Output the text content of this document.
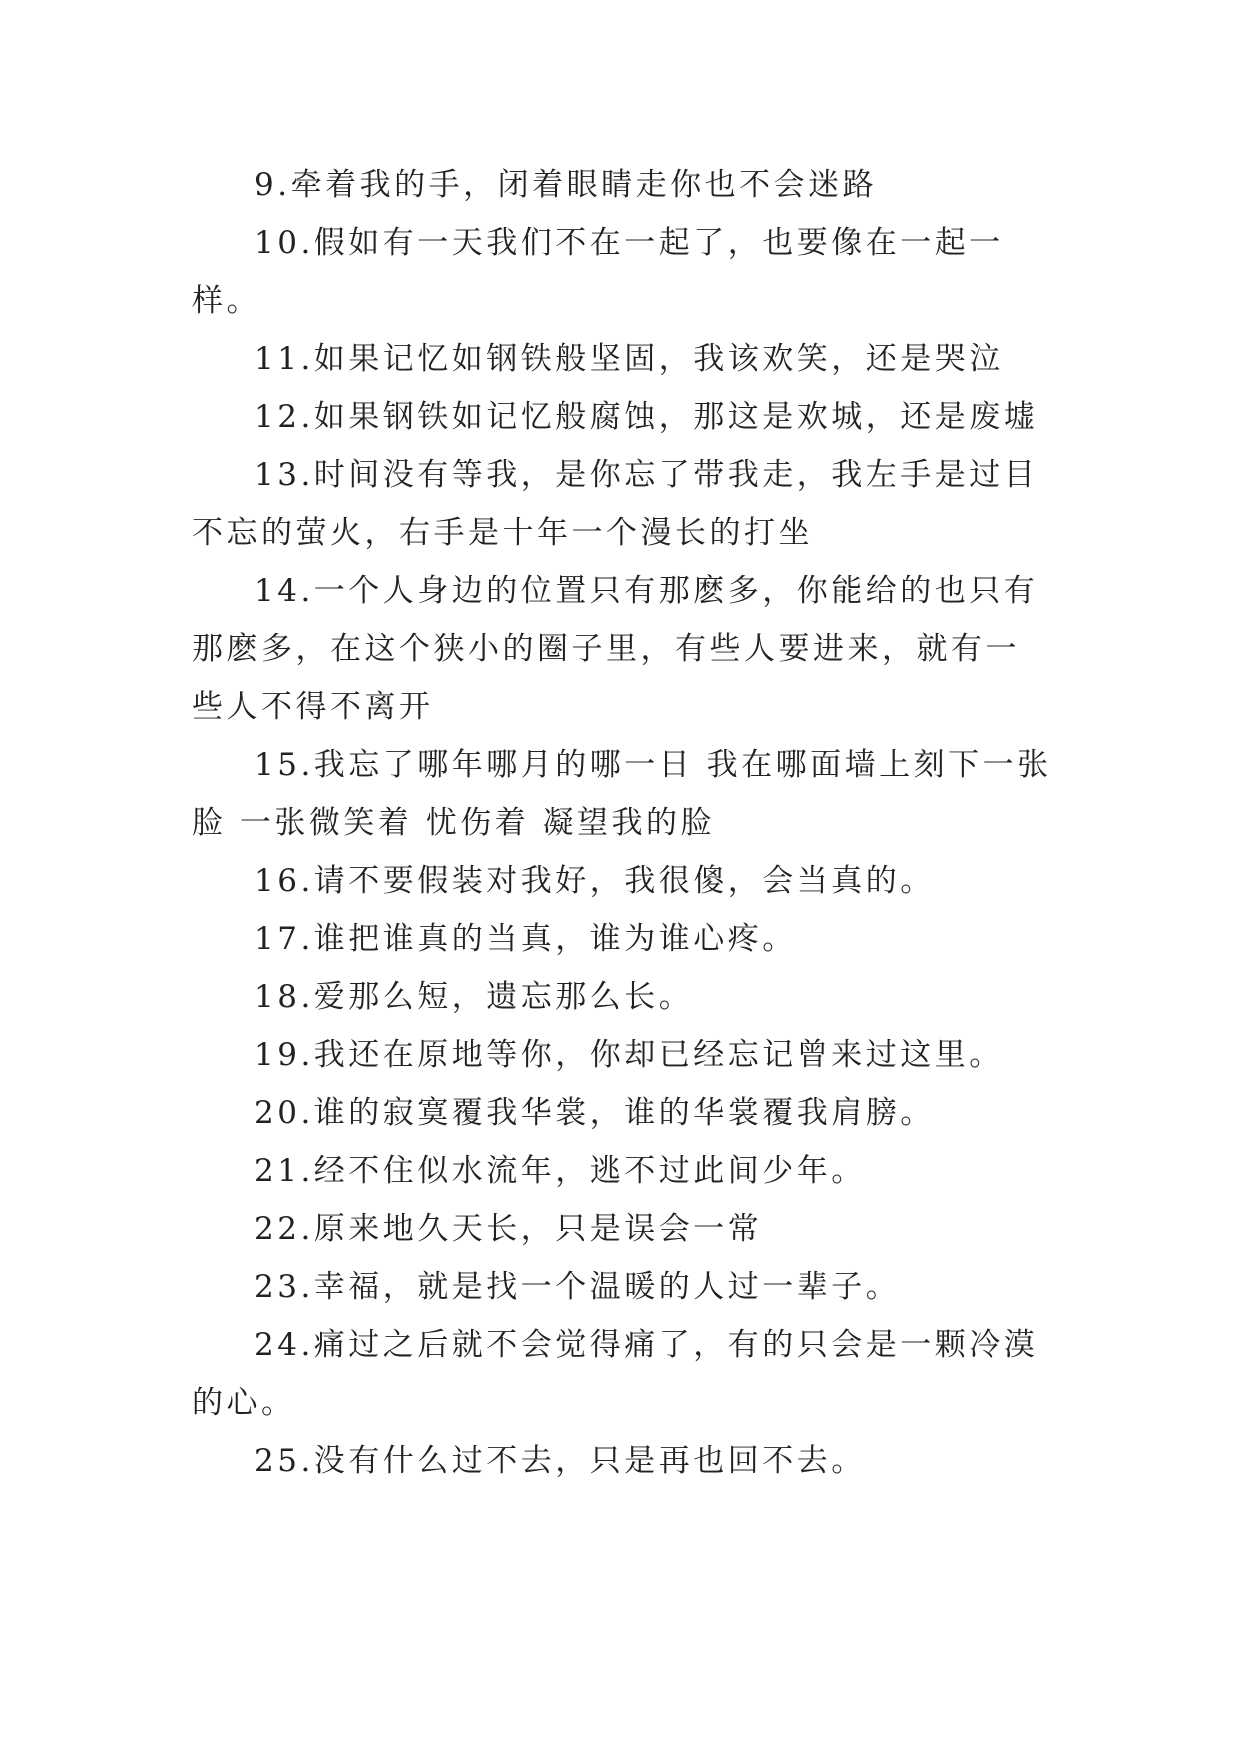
9.牵着我的手，闭着眼睛走你也不会迷路

10.假如有一天我们不在一起了，也要像在一起一样。

11.如果记忆如钢铁般坚固，我该欢笑，还是哭泣

12.如果钢铁如记忆般腐蚀，那这是欢城，还是废墟

13.时间没有等我，是你忘了带我走，我左手是过目不忘的萤火，右手是十年一个漫长的打坐

14.一个人身边的位置只有那麽多，你能给的也只有那麽多，在这个狭小的圈子里，有些人要进来，就有一些人不得不离开

15.我忘了哪年哪月的哪一日 我在哪面墙上刻下一张脸 一张微笑着 忧伤着 凝望我的脸

16.请不要假装对我好，我很傻，会当真的。

17.谁把谁真的当真，谁为谁心疼。

18.爱那么短，遗忘那么长。

19.我还在原地等你，你却已经忘记曾来过这里。

20.谁的寂寞覆我华裳，谁的华裳覆我肩膀。

21.经不住似水流年，逃不过此间少年。

22.原来地久天长，只是误会一常

23.幸福，就是找一个温暖的人过一辈子。

24.痛过之后就不会觉得痛了，有的只会是一颗冷漠的心。

25.没有什么过不去，只是再也回不去。
